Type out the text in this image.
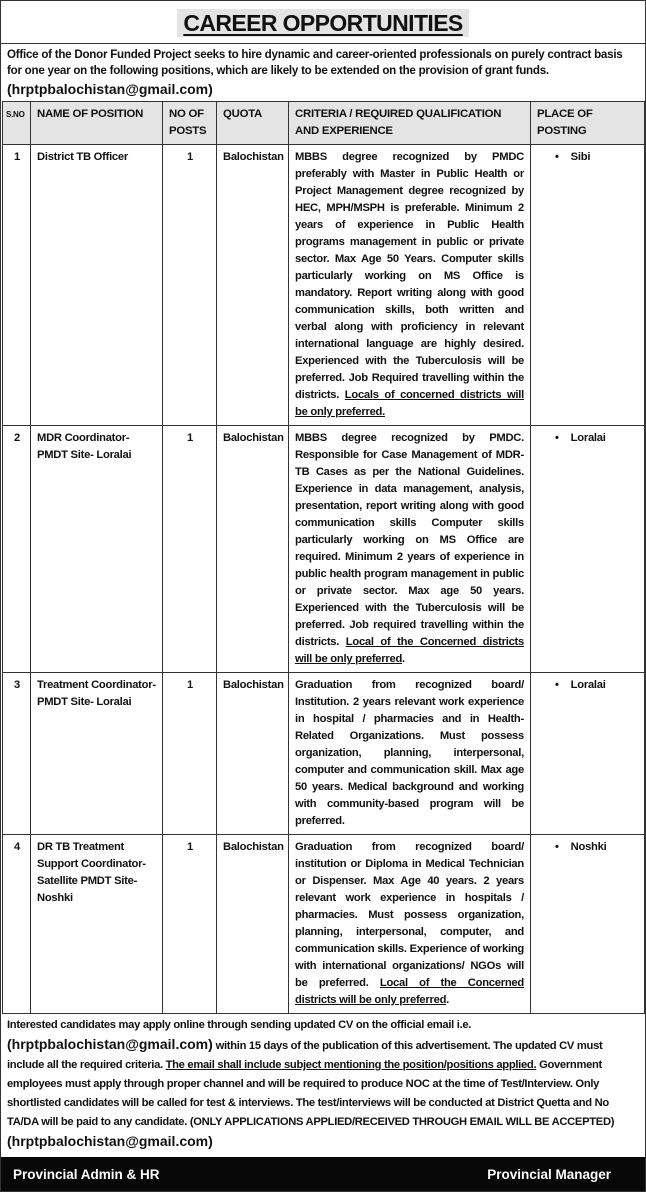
CAREER OPPORTUNITIES
Office of the Donor Funded Project seeks to hire dynamic and career-oriented professionals on purely contract basis for one year on the following positions, which are likely to be extended on the provision of grant funds.
(hrptpbalochistan@gmail.com)
S.NO	NAME OF POSITION	NO OF POSTS	QUOTA	CRITERIA / REQUIRED QUALIFICATION AND EXPERIENCE	PLACE OF POSTING
1	District TB Officer	1	Balochistan	MBBS degree recognized by PMDC preferably with Master in Public Health or Project Management degree recognized by HEC, MPH/MSPH is preferable. Minimum 2 years of experience in Public Health programs management in public or private sector. Max Age 50 Years. Computer skills particularly working on MS Office is mandatory. Report writing along with good communication skills, both written and verbal along with proficiency in relevant international language are highly desired. Experienced with the Tuberculosis will be preferred. Job Required travelling within the districts. Locals of concerned districts will be only preferred.	• Sibi
2	MDR Coordinator-PMDT Site- Loralai	1	Balochistan	MBBS degree recognized by PMDC. Responsible for Case Management of MDR-TB Cases as per the National Guidelines. Experience in data management, analysis, presentation, report writing along with good communication skills Computer skills particularly working on MS Office are required. Minimum 2 years of experience in public health program management in public or private sector. Max age 50 years. Experienced with the Tuberculosis will be preferred. Job required travelling within the districts. Local of the Concerned districts will be only preferred.	• Loralai
3	Treatment Coordinator- PMDT Site- Loralai	1	Balochistan	Graduation from recognized board/ Institution. 2 years relevant work experience in hospital / pharmacies and in Health-Related Organizations. Must possess organization, planning, interpersonal, computer and communication skill. Max age 50 years. Medical background and working with community-based program will be preferred.	• Loralai
4	DR TB Treatment Support Coordinator-Satellite PMDT Site-Noshki	1	Balochistan	Graduation from recognized board/ institution or Diploma in Medical Technician or Dispenser. Max Age 40 years. 2 years relevant work experience in hospitals / pharmacies. Must possess organization, planning, interpersonal, computer, and communication skills. Experience of working with international organizations/ NGOs will be preferred. Local of the Concerned districts will be only preferred.	• Noshki
Interested candidates may apply online through sending updated CV on the official email i.e.
(hrptpbalochistan@gmail.com) within 15 days of the publication of this advertisement. The updated CV must include all the required criteria. The email shall include subject mentioning the position/positions applied. Government employees must apply through proper channel and will be required to produce NOC at the time of Test/Interview. Only shortlisted candidates will be called for test & interviews. The test/interviews will be conducted at District Quetta and No TA/DA will be paid to any candidate. (ONLY APPLICATIONS APPLIED/RECEIVED THROUGH EMAIL WILL BE ACCEPTED)
(hrptpbalochistan@gmail.com)
Provincial Admin & HR	Provincial Manager
